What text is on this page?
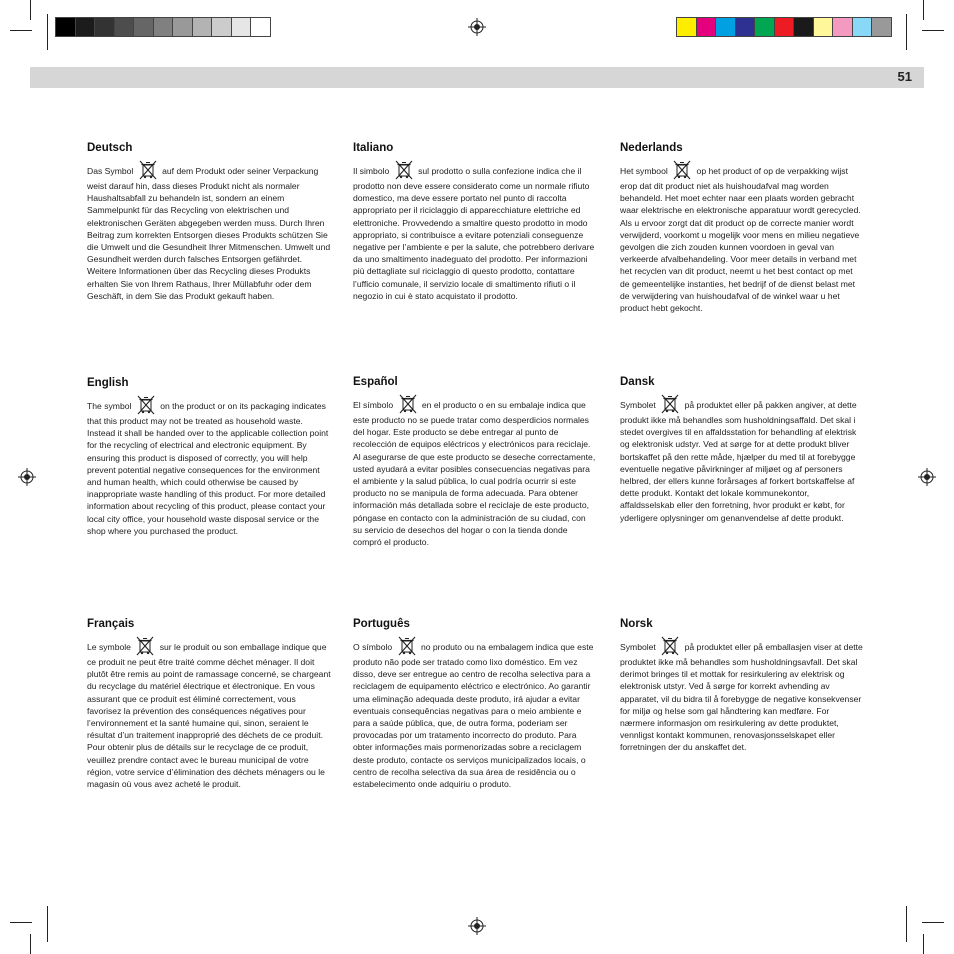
51
Deutsch

Das Symbol	auf dem Produkt oder seiner Verpackung weist darauf hin, dass dieses Produkt nicht als normaler Haushaltsabfall zu behandeln ist, sondern an einem Sammelpunkt für das Recycling von elektrischen und elektronischen Geräten abgegeben werden muss. Durch Ihren Beitrag zum korrekten Entsorgen dieses Produkts schützen Sie die Umwelt und die Gesundheit Ihrer Mitmenschen. Umwelt und Gesundheit werden durch falsches Entsorgen gefährdet. Weitere Informationen über das Recycling dieses Produkts erhalten Sie von Ihrem Rathaus, Ihrer Müllabfuhr oder dem Geschäft, in dem Sie das Produkt gekauft haben.

Italiano

Il simbolo	sul prodotto o sulla confezione indica che il prodotto non deve essere considerato come un normale rifiuto domestico, ma deve essere portato nel punto di raccolta appropriato per il riciclaggio di apparecchiature elettriche ed elettroniche. Provvedendo a smaltire questo prodotto in modo appropriato, si contribuisce a evitare potenziali conseguenze negative per l’ambiente e per la salute, che potrebbero derivare da uno smaltimento inadeguato del prodotto. Per informazioni più dettagliate sul riciclaggio di questo prodotto, contattare l’ufficio comunale, il servizio locale di smaltimento rifiuti o il negozio in cui è stato acquistato il prodotto.

Nederlands

Het symbool	op het product of op de verpakking wijst erop dat dit product niet als huishoudafval mag worden behandeld. Het moet echter naar een plaats worden gebracht waar elektrische en elektronische apparatuur wordt gerecycled. Als u ervoor zorgt dat dit product op de correcte manier wordt verwijderd, voorkomt u mogelijk voor mens en milieu negatieve gevolgen die zich zouden kunnen voordoen in geval van verkeerde afvalbehandeling. Voor meer details in verband met het recyclen van dit product, neemt u het best contact op met de gemeentelijke instanties, het bedrijf of de dienst belast met de verwijdering van huishoudafval of de winkel waar u het product hebt gekocht.

English

The symbol	on the product or on its packaging indicates that this product may not be treated as household waste. Instead it shall be handed over to the applicable collection point for the recycling of electrical and electronic equipment. By ensuring this product is disposed of correctly, you will help prevent potential negative consequences for the environment and human health, which could otherwise be caused by inappropriate waste handling of this product. For more detailed information about recycling of this product, please contact your local city office, your household waste disposal service or the shop where you purchased the product.

Español

El símbolo	en el producto o en su embalaje indica que este producto no se puede tratar como desperdicios normales del hogar. Este producto se debe entregar al punto de recolección de equipos eléctricos y electrónicos para reciclaje. Al asegurarse de que este producto se deseche correctamente, usted ayudará a evitar posibles consecuencias negativas para el ambiente y la salud pública, lo cual podría ocurrir si este producto no se manipula de forma adecuada. Para obtener información más detallada sobre el reciclaje de este producto, póngase en contacto con la administración de su ciudad, con su servicio de desechos del hogar o con la tienda donde compró el producto.

Dansk

Symbolet	på produktet eller på pakken angiver, at dette produkt ikke må behandles som husholdningsaffald. Det skal i stedet overgives til en affaldsstation for behandling af elektrisk og elektronisk udstyr. Ved at sørge for at dette produkt bliver bortskaffet på den rette måde, hjælper du med til at forebygge eventuelle negative påvirkninger af miljøet og af personers helbred, der ellers kunne forårsages af forkert bortskaffelse af dette produkt. Kontakt det lokale kommunekontor, affaldsselskab eller den forretning, hvor produkt er købt, for yderligere oplysninger om genanvendelse af dette produkt.

Français

Le symbole	sur le produit ou son emballage indique que ce produit ne peut être traité comme déchet ménager. Il doit plutôt être remis au point de ramassage concerné, se chargeant du recyclage du matériel électrique et électronique. En vous assurant que ce produit est éliminé correctement, vous favorisez la prévention des conséquences négatives pour l’environnement et la santé humaine qui, sinon, seraient le résultat d’un traitement inapproprié des déchets de ce produit. Pour obtenir plus de détails sur le recyclage de ce produit, veuillez prendre contact avec le bureau municipal de votre région, votre service d’élimination des déchets ménagers ou le magasin où vous avez acheté le produit.

Português

O símbolo	no produto ou na embalagem indica que este produto não pode ser tratado como lixo doméstico. Em vez disso, deve ser entregue ao centro de recolha selectiva para a reciclagem de equipamento eléctrico e electrónico. Ao garantir uma eliminação adequada deste produto, irá ajudar a evitar eventuais consequências negativas para o meio ambiente e para a saúde pública, que, de outra forma, poderiam ser provocadas por um tratamento incorrecto do produto. Para obter informações mais pormenorizadas sobre a reciclagem deste produto, contacte os serviços municipalizados locais, o centro de recolha selectiva da sua área de residência ou o estabelecimento onde adquiriu o produto.

Norsk

Symbolet	på produktet eller på emballasjen viser at dette produktet ikke må behandles som husholdningsavfall. Det skal derimot bringes til et mottak for resirkulering av elektrisk og elektronisk utstyr. Ved å sørge for korrekt avhending av apparatet, vil du bidra til å forebygge de negative konsekvenser for miljø og helse som gal håndtering kan medføre. For nærmere informasjon om resirkulering av dette produktet, vennligst kontakt kommunen, renovasjonsselskapet eller forretningen der du anskaffet det.
